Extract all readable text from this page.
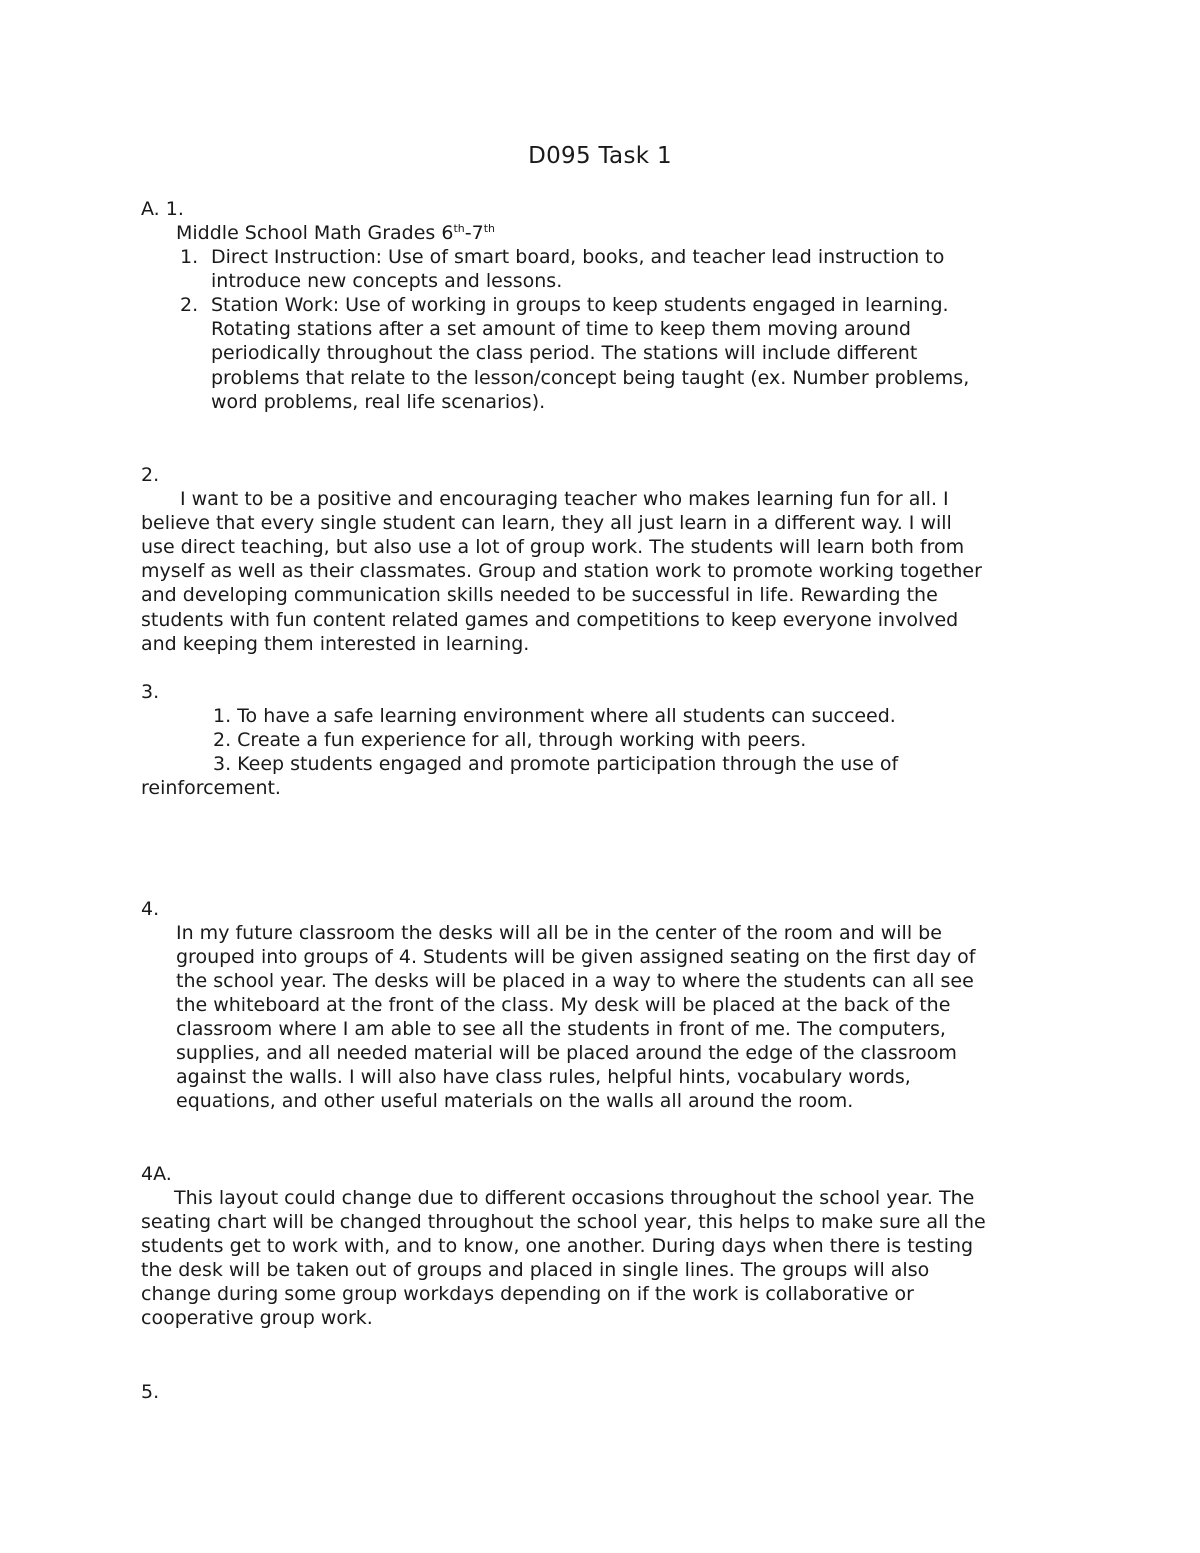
D095 Task 1
A. 1.
Middle School Math Grades 6th-7th
1. Direct Instruction: Use of smart board, books, and teacher lead instruction to
introduce new concepts and lessons.
2. Station Work: Use of working in groups to keep students engaged in learning.
Rotating stations after a set amount of time to keep them moving around
periodically throughout the class period. The stations will include different
problems that relate to the lesson/concept being taught (ex. Number problems,
word problems, real life scenarios).
2.
I want to be a positive and encouraging teacher who makes learning fun for all. I
believe that every single student can learn, they all just learn in a different way. I will
use direct teaching, but also use a lot of group work. The students will learn both from
myself as well as their classmates. Group and station work to promote working together
and developing communication skills needed to be successful in life. Rewarding the
students with fun content related games and competitions to keep everyone involved
and keeping them interested in learning.
3.
1. To have a safe learning environment where all students can succeed.
2. Create a fun experience for all, through working with peers.
3. Keep students engaged and promote participation through the use of
reinforcement.
4.
In my future classroom the desks will all be in the center of the room and will be
grouped into groups of 4. Students will be given assigned seating on the first day of
the school year. The desks will be placed in a way to where the students can all see
the whiteboard at the front of the class. My desk will be placed at the back of the
classroom where I am able to see all the students in front of me. The computers,
supplies, and all needed material will be placed around the edge of the classroom
against the walls. I will also have class rules, helpful hints, vocabulary words,
equations, and other useful materials on the walls all around the room.
4A.
This layout could change due to different occasions throughout the school year. The
seating chart will be changed throughout the school year, this helps to make sure all the
students get to work with, and to know, one another. During days when there is testing
the desk will be taken out of groups and placed in single lines. The groups will also
change during some group workdays depending on if the work is collaborative or
cooperative group work.
5.
